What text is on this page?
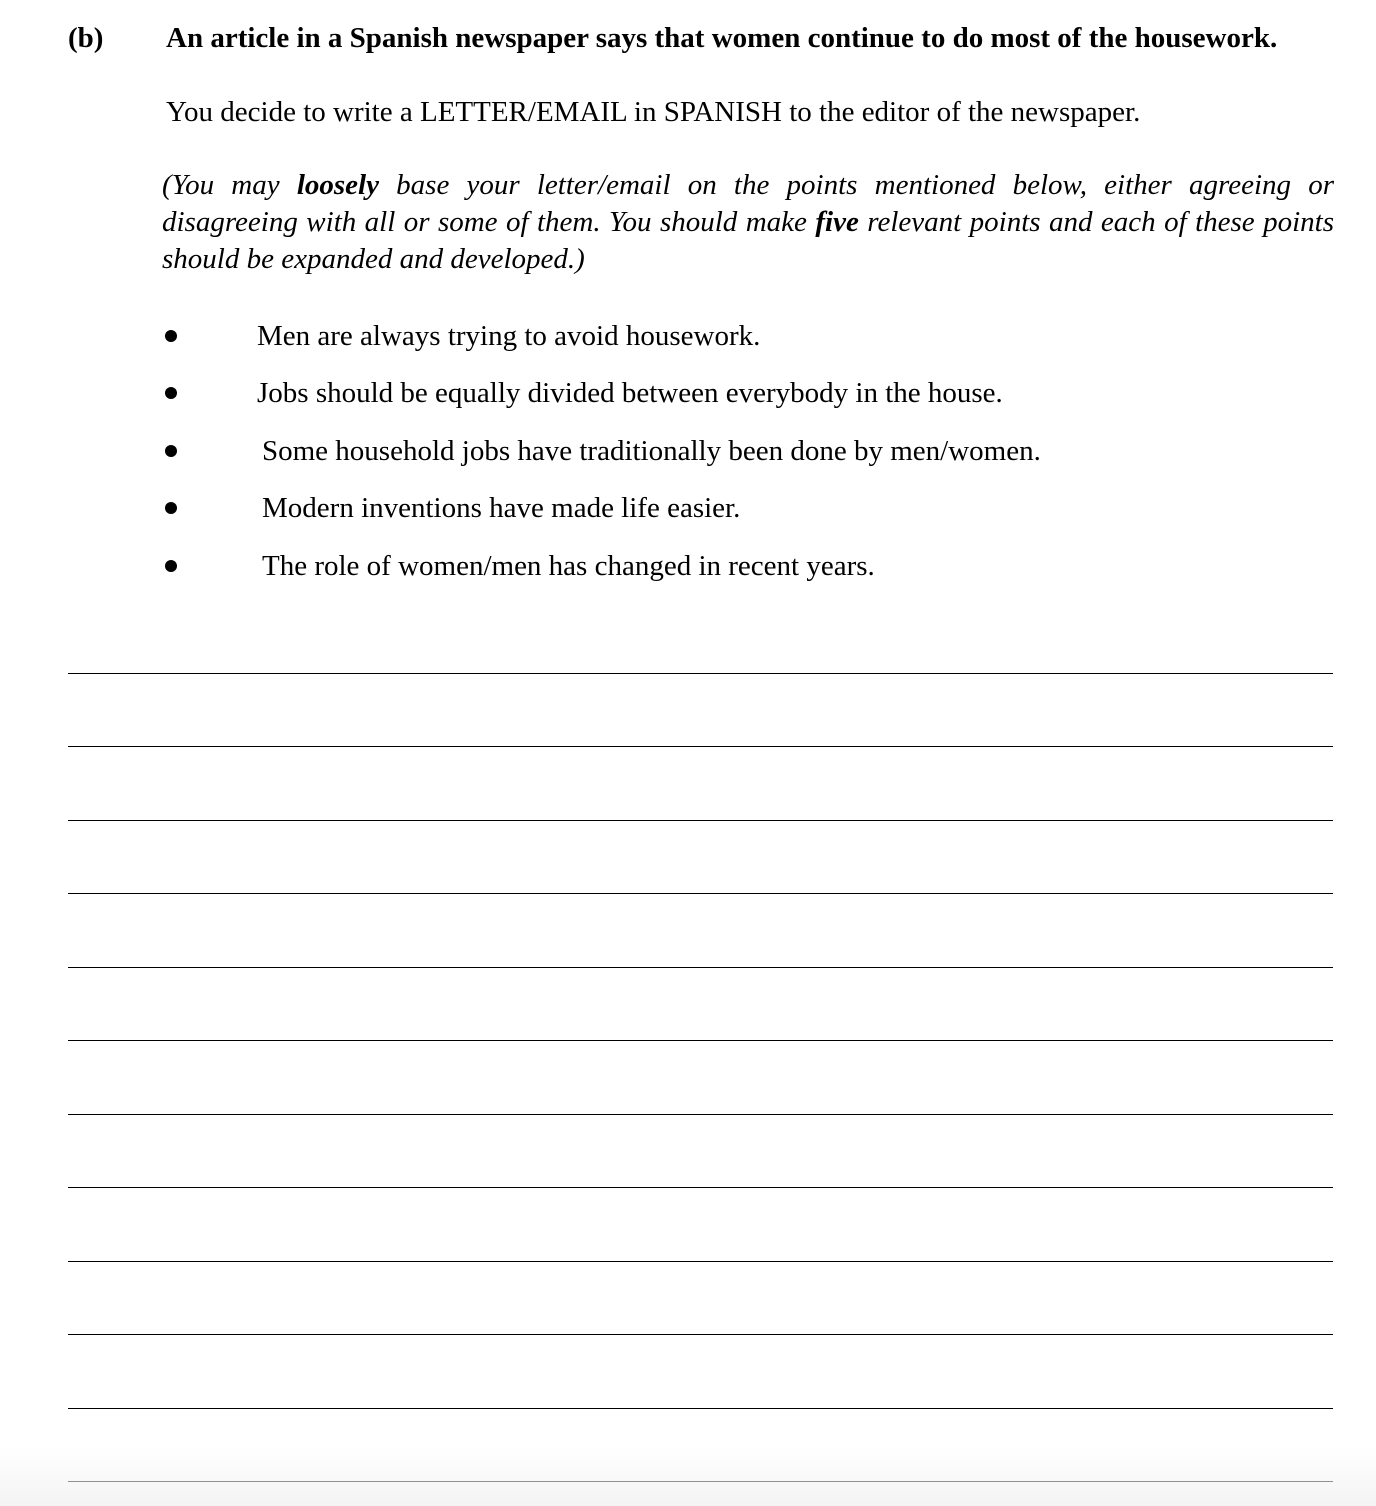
(b) An article in a Spanish newspaper says that women continue to do most of the housework.

You decide to write a LETTER/EMAIL in SPANISH to the editor of the newspaper.

(You may loosely base your letter/email on the points mentioned below, either agreeing or disagreeing with all or some of them. You should make five relevant points and each of these points should be expanded and developed.)

Men are always trying to avoid housework.
Jobs should be equally divided between everybody in the house.
Some household jobs have traditionally been done by men/women.
Modern inventions have made life easier.
The role of women/men has changed in recent years.
